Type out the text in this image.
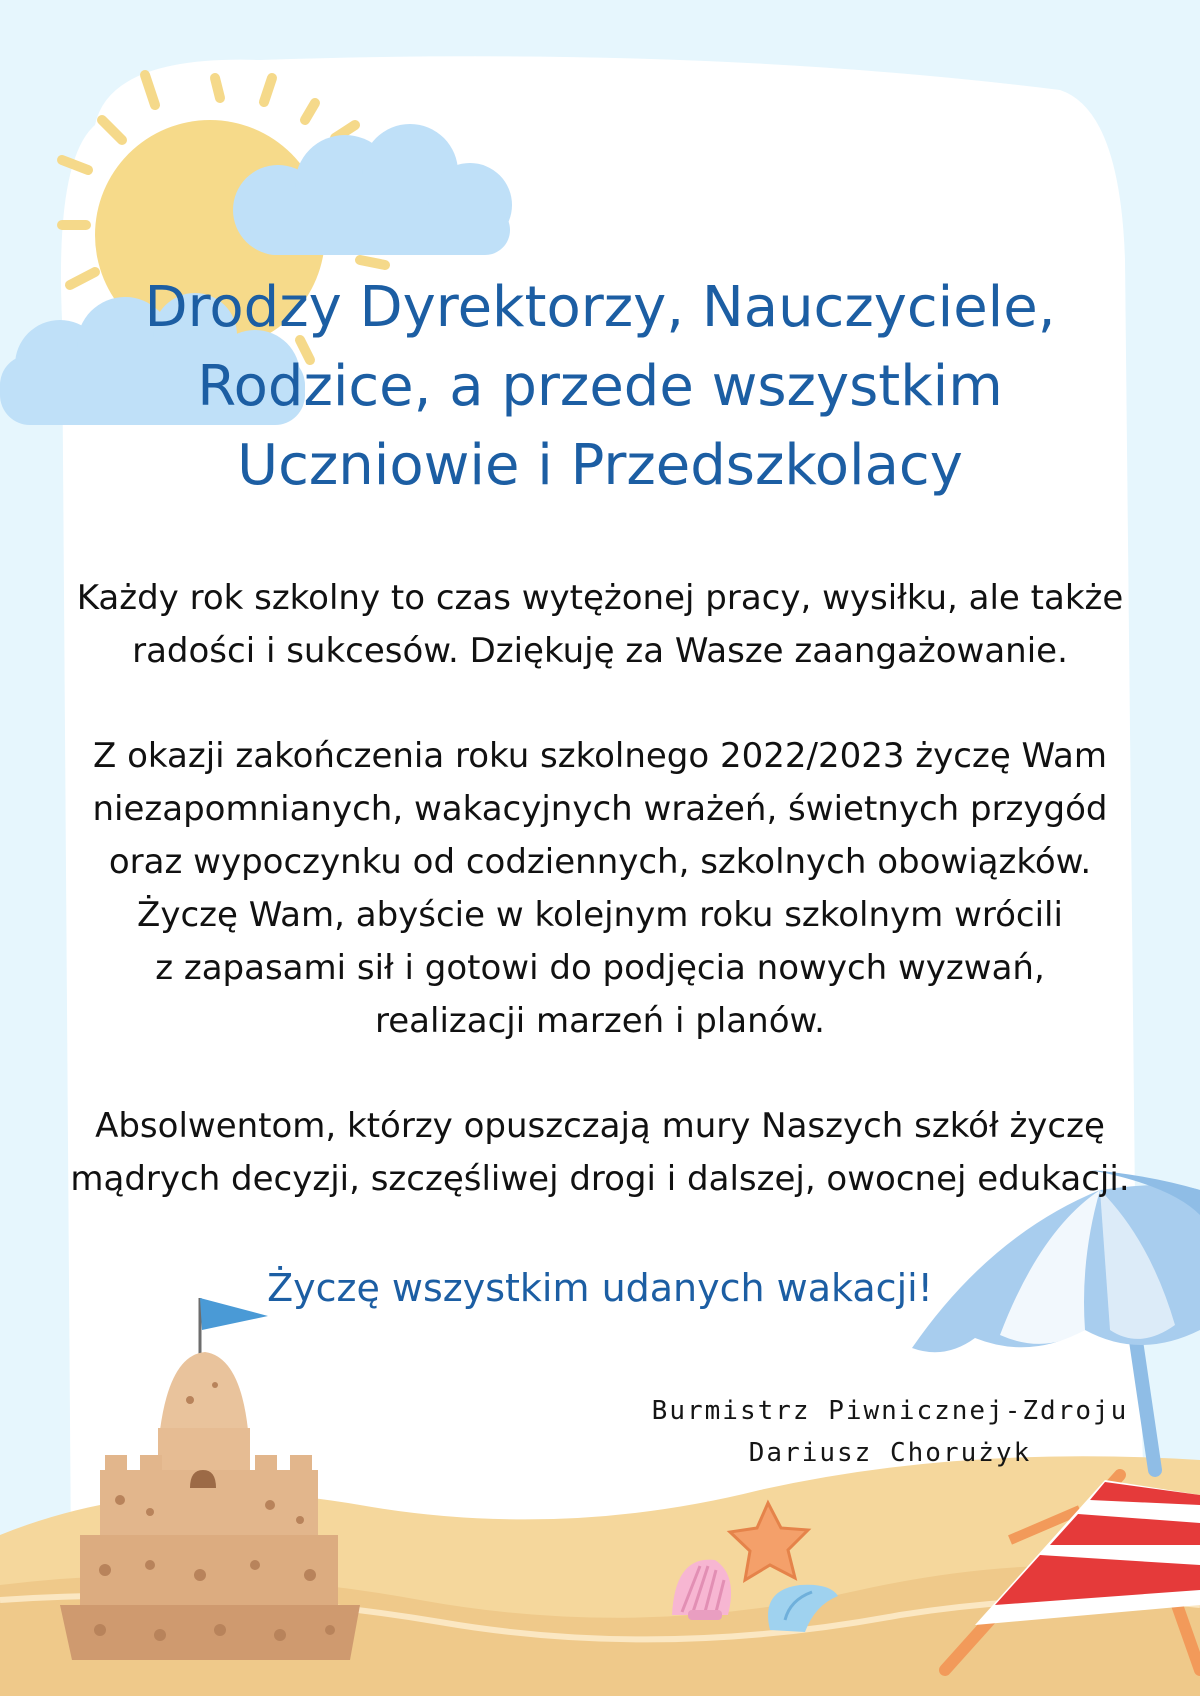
Drodzy Dyrektorzy, Nauczyciele,
Rodzice, a przede wszystkim
Uczniowie i Przedszkolacy

Każdy rok szkolny to czas wytężonej pracy, wysiłku, ale także
radości i sukcesów. Dziękuję za Wasze zaangażowanie.

Z okazji zakończenia roku szkolnego 2022/2023 życzę Wam
niezapomnianych, wakacyjnych wrażeń, świetnych przygód
oraz wypoczynku od codziennych, szkolnych obowiązków.
Życzę Wam, abyście w kolejnym roku szkolnym wrócili
z zapasami sił i gotowi do podjęcia nowych wyzwań,
realizacji marzeń i planów.

Absolwentom, którzy opuszczają mury Naszych szkół życzę
mądrych decyzji, szczęśliwej drogi i dalszej, owocnej edukacji.

Życzę wszystkim udanych wakacji!

Burmistrz Piwnicznej-Zdroju
Dariusz Chorużyk
